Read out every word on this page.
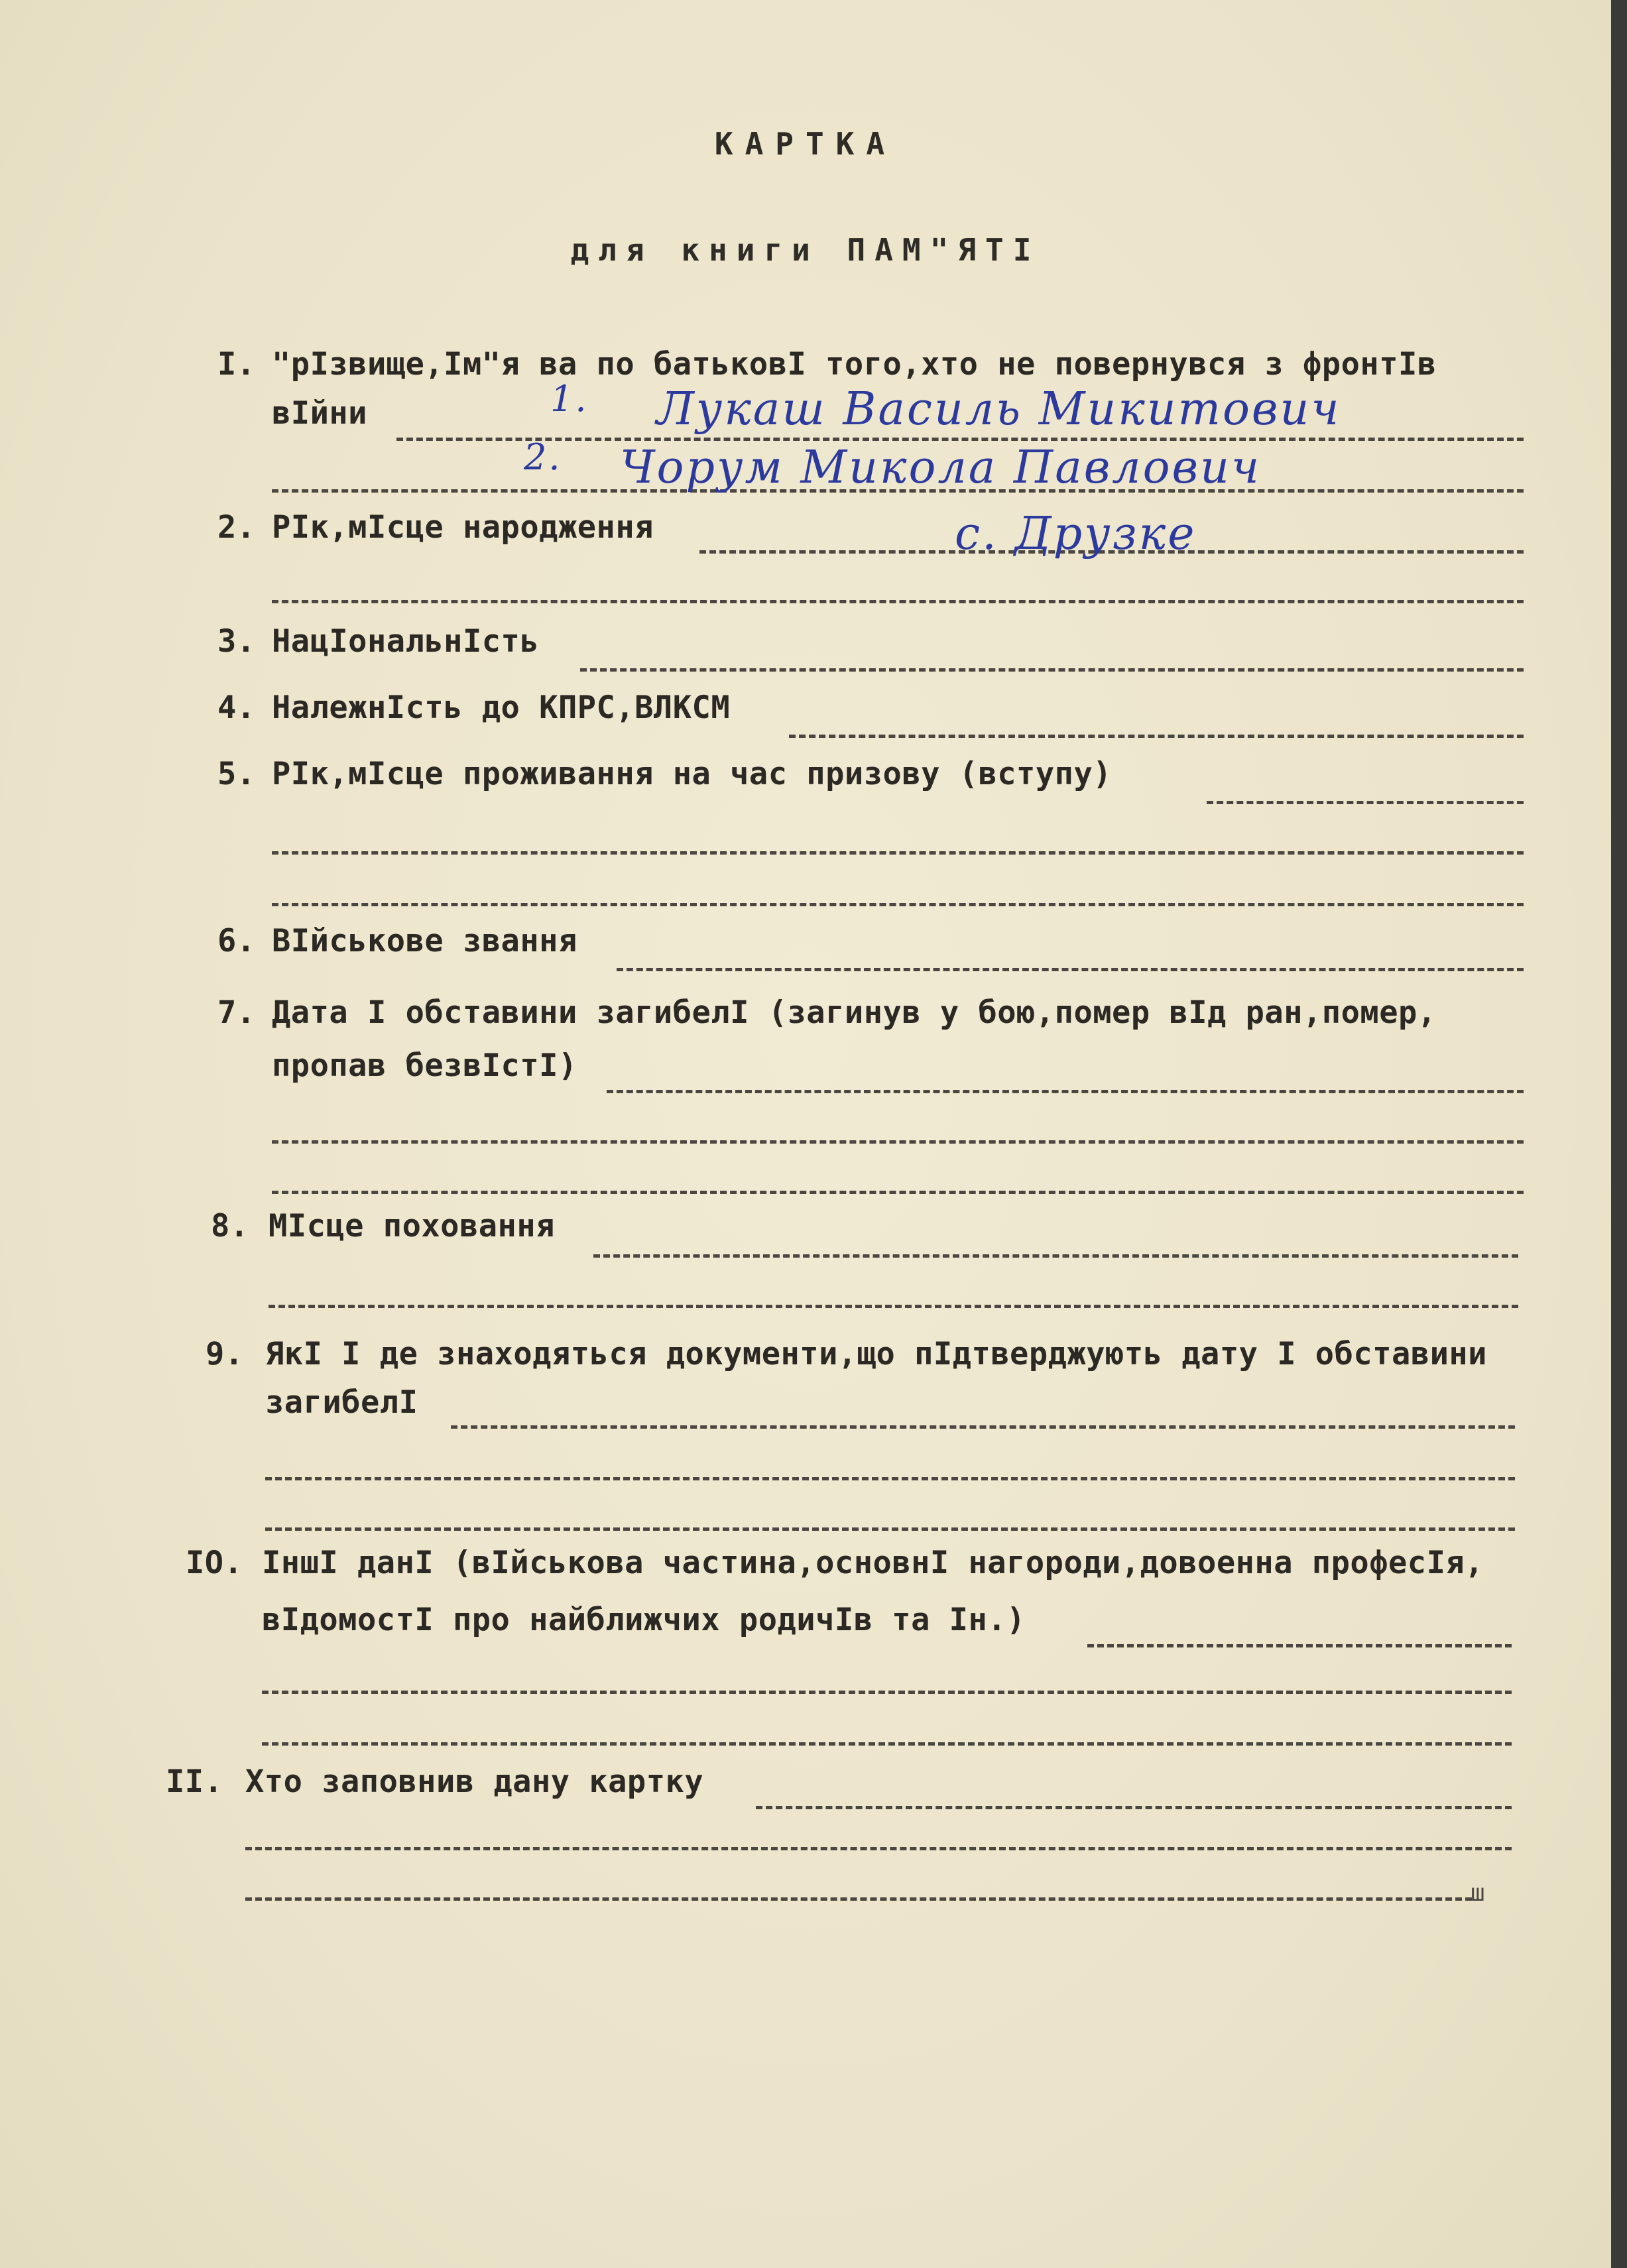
КАРТКА
для книги ПАМ"ЯТІ
I. "рІзвище,Ім"я ва по батьковІ того,хто не повернувся з фронтІв
вІйни	1. Лукаш Василь Микитович
2. Чорум Микола Павлович
2. РІк,мІсце народження	с. Друзке
3. НацІональнІсть
4. НалежнІсть до КПРС,ВЛКСМ
5. РІк,мІсце проживання на час призову (вступу)
6. ВІйськове звання
7. Дата І обставини загибелІ (загинув у бою,помер вІд ран,помер,
пропав безвІстІ)
8. МІсце поховання
9. ЯкІ І де знаходяться документи,що пІдтверджують дату І обставини
загибелІ
IO. ІншІ данІ (вІйськова частина,основнІ нагороди,довоенна професІя,
вІдомостІ про найближчих родичІв та Ін.)
II. Хто заповнив дану картку
ш
